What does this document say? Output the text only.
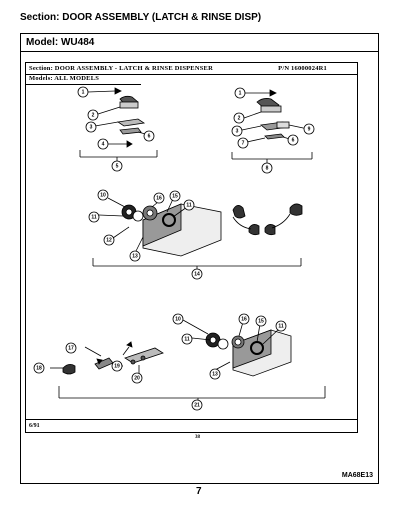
Section: DOOR ASSEMBLY (LATCH & RINSE DISP)
Model: WU484
Section: DOOR ASSEMBLY - LATCH & RINSE DISPENSER	P/N 16000024R1
Models: ALL MODELS
6/91
1
2
3
4
5
6
1
2
3
7
8
9
6
10
11
12
13
16 15
11
14
10
11
16 15
11
13
17
18	19
20
21
38
MA68E13
7
